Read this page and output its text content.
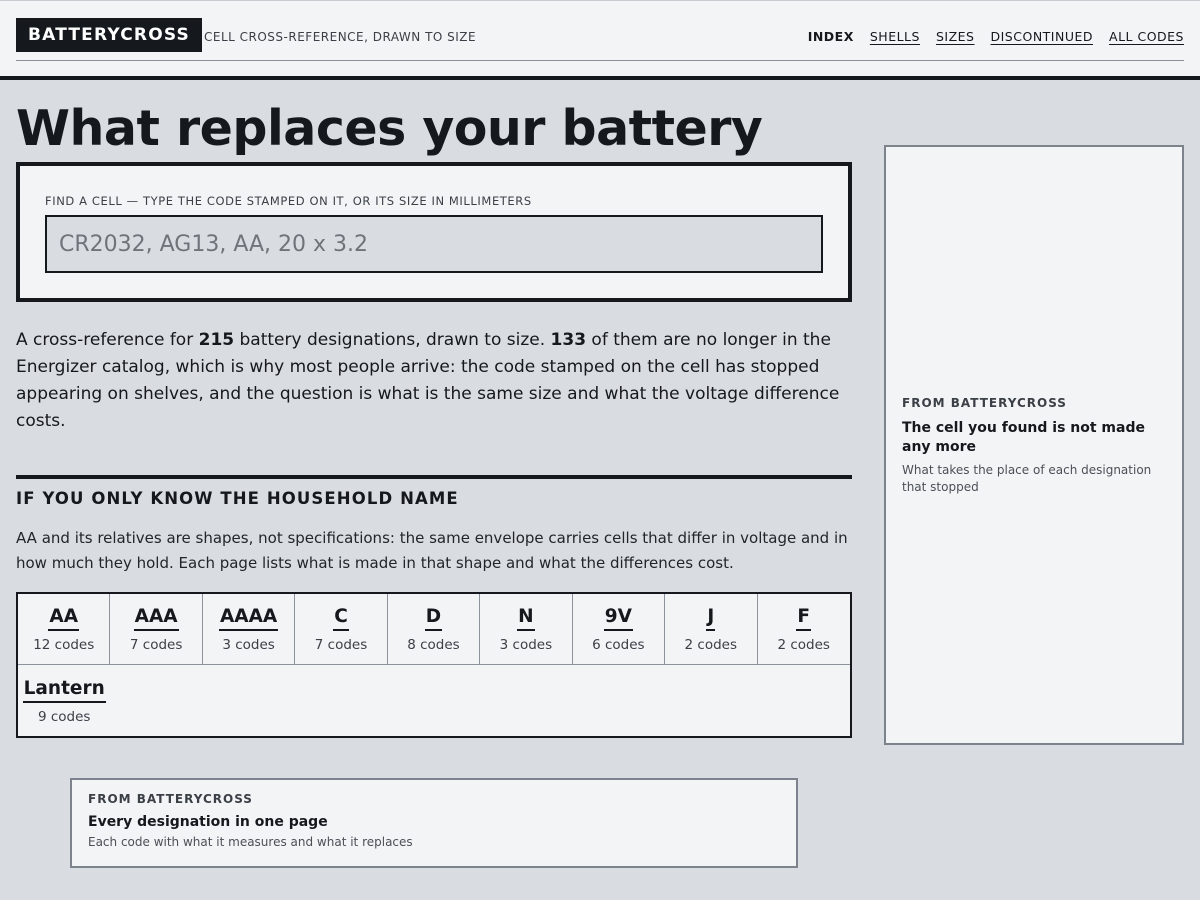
BATTERYCROSS	CELL CROSS-REFERENCE, DRAWN TO SIZE	INDEX SHELLS SIZES DISCONTINUED ALL CODES
What replaces your battery
FIND A CELL — TYPE THE CODE STAMPED ON IT, OR ITS SIZE IN MILLIMETERS
CR2032, AG13, AA, 20 x 3.2

A cross-reference for 215 battery designations, drawn to size. 133 of them are no longer in the Energizer catalog, which is why most people arrive: the code stamped on the cell has stopped appearing on shelves, and the question is what is the same size and what the voltage difference costs.

IF YOU ONLY KNOW THE HOUSEHOLD NAME

AA and its relatives are shapes, not specifications: the same envelope carries cells that differ in voltage and in how much they hold. Each page lists what is made in that shape and what the differences cost.

AA
12 codes
AAA
7 codes
AAAA
3 codes
C
7 codes
D
8 codes
N
3 codes
9V
6 codes
J
2 codes
F
2 codes
Lantern
9 codes
FROM BATTERYCROSS
The cell you found is not made any more
What takes the place of each designation that stopped
FROM BATTERYCROSS
Every designation in one page
Each code with what it measures and what it replaces
